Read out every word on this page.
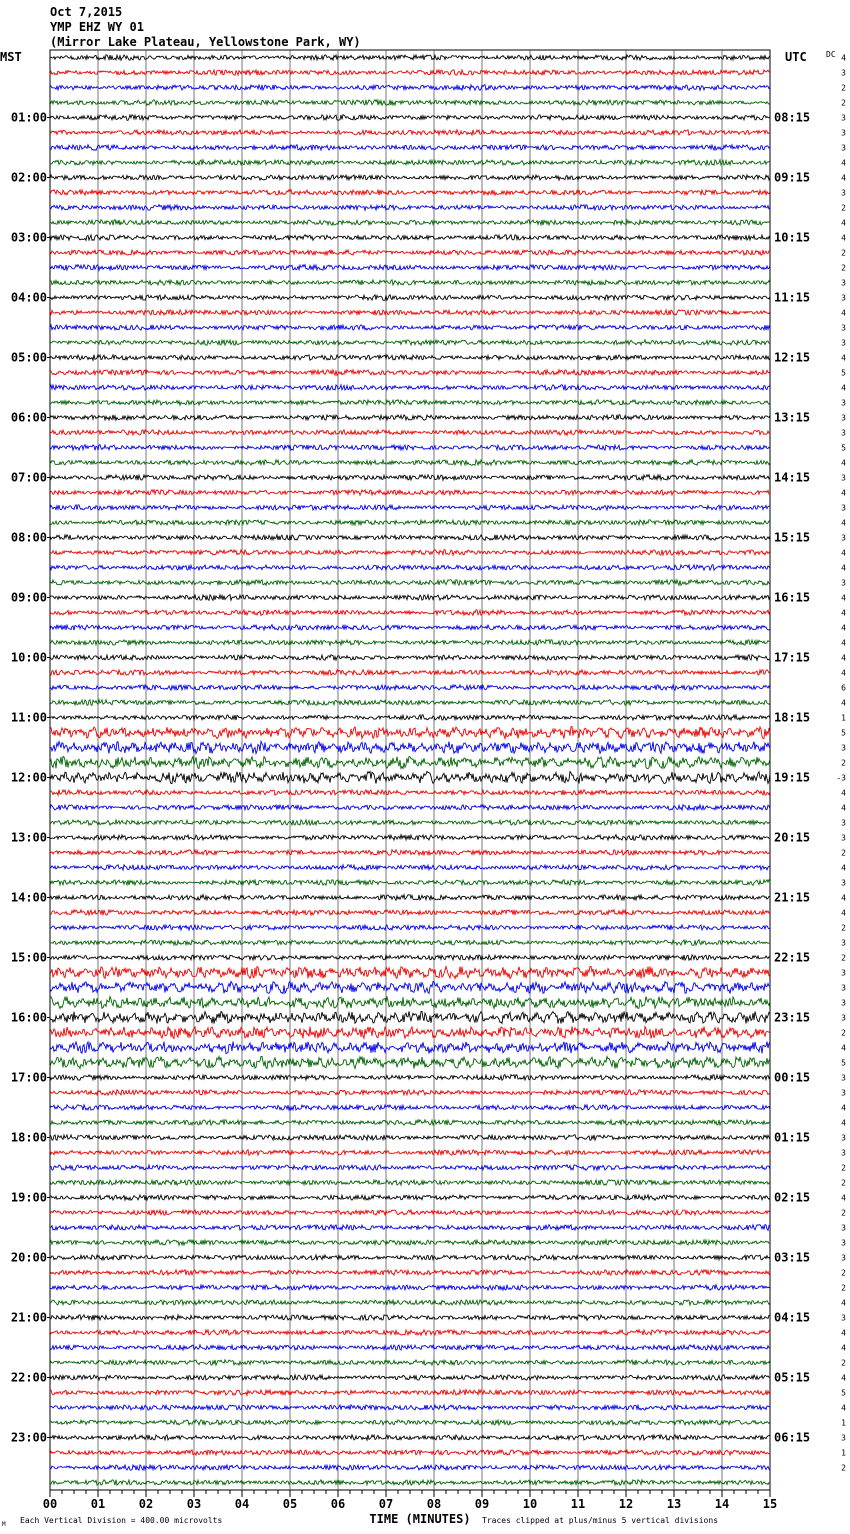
Oct 7,2015
YMP EHZ WY 01
(Mirror Lake Plateau, Yellowstone Park, WY)
MST	UTC DC
01:00
02:00
03:00
04:00
05:00
06:00
07:00
08:00
09:00
10:00
11:00
12:00
13:00
14:00
15:00
16:00
17:00
18:00
19:00
20:00
21:00
22:00
23:00
08:15
09:15
10:15
11:15
12:15
13:15
14:15
15:15
16:15
17:15
18:15
19:15
20:15
21:15
22:15
23:15
00:15
01:15
02:15
03:15
04:15
05:15
06:15
4
3
2
2
3
3
3
4
4
3
2
4
4
2
2
3
3
4
3
3
4
5
4
3
3
3
5
4
3
4
3
4
3
4
4
3
4
4
4
4
4
4
6
4
1
5
3
2
-3
4
4
3
3
2
4
3
4
4
2
3
2
3
3
3
3
2
4
5
3
3
4
4
3
3
2
2
4
2
3
3
3
2
2
4
3
4
4
2
4
5
4
1
3
1
2
00	01	02	03	04	05	06	07	08	09	10	11	12	13	14	15
TIME (MINUTES)
Each Vertical Division = 400.00 microvolts	Traces clipped at plus/minus 5 vertical divisions
M
